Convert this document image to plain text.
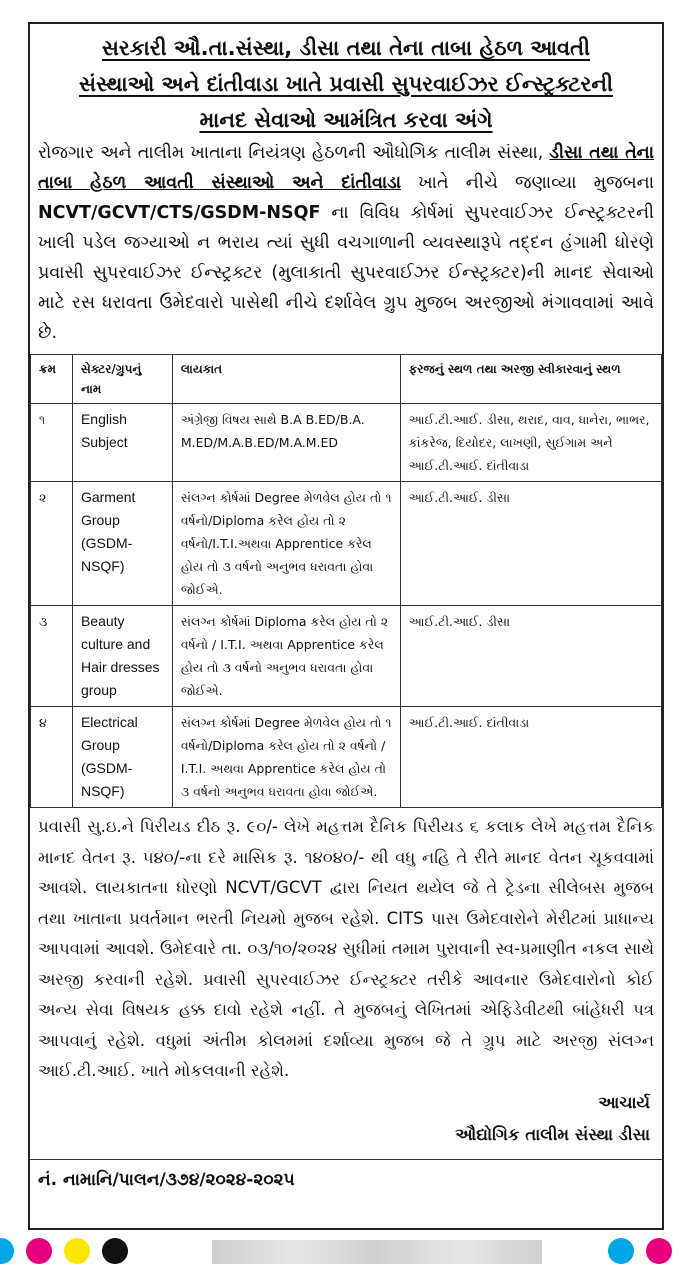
સરકારી ઔ.તા.સંસ્થા, ડીસા તથા તેના તાબા હેઠળ આવતી
સંસ્થાઓ અને દાંતીવાડા ખાતે પ્રવાસી સુપરવાઈઝર ઈન્સ્ટ્રક્ટરની
માનદ સેવાઓ આમંત્રિત કરવા અંગે
રોજગાર અને તાલીમ ખાતાના નિયંત્રણ હેઠળની ઔધોગિક તાલીમ સંસ્થા, ડીસા તથા તેના તાબા હેઠળ આવતી સંસ્થાઓ અને દાંતીવાડા ખાતે નીચે જણાવ્યા મુજબના NCVT/GCVT/CTS/GSDM-NSQF ના વિવિધ કોર્ષમાં સુપરવાઈઝર ઈન્સ્ટ્રક્ટરની ખાલી પડેલ જગ્યાઓ ન ભરાય ત્યાં સુધી વચગાળાની વ્યવસ્થારૂપે તદ્દન હંગામી ધોરણે પ્રવાસી સુપરવાઈઝર ઈન્સ્ટ્રક્ટર (મુલાકાતી સુપરવાઈઝર ઈન્સ્ટ્રક્ટર)ની માનદ સેવાઓ માટે રસ ધરાવતા ઉમેદવારો પાસેથી નીચે દર્શાવેલ ગ્રુપ મુજબ અરજીઓ મંગાવવામાં આવે છે.
ક્રમ	સેક્ટર/ગ્રુપનું નામ	લાયકાત	ફરજનું સ્થળ તથા અરજી સ્વીકારવાનું સ્થળ
૧	English Subject	અંગ્રેજી વિષય સાથે B.A B.ED/B.A. M.ED/M.A.B.ED/M.A.M.ED	આઈ.ટી.આઈ. ડીસા, થરાદ, વાવ, ધાનેરા, ભાભર, કાંકરેજ, દિયોદર, લાખણી, સુઈગામ અને આઈ.ટી.આઈ. દાંતીવાડા
૨	Garment Group (GSDM-NSQF)	સંલગ્ન કોર્ષમાં Degree મેળવેલ હોય તો ૧ વર્ષનો/Diploma કરેલ હોય તો ૨ વર્ષનો/I.T.I.અથવા Apprentice કરેલ હોય તો ૩ વર્ષનો અનુભવ ધરાવતા હોવા જોઈએ.	આઈ.ટી.આઈ. ડીસા
૩	Beauty culture and Hair dresses group	સંલગ્ન કોર્ષમાં Diploma કરેલ હોય તો ૨ વર્ષનો / I.T.I. અથવા Apprentice કરેલ હોય તો ૩ વર્ષનો અનુભવ ધરાવતા હોવા જોઈએ.	આઈ.ટી.આઈ. ડીસા
૪	Electrical Group (GSDM-NSQF)	સંલગ્ન કોર્ષમાં Degree મેળવેલ હોય તો ૧ વર્ષનો/Diploma કરેલ હોય તો ૨ વર્ષનો / I.T.I. અથવા Apprentice કરેલ હોય તો ૩ વર્ષનો અનુભવ ધરાવતા હોવા જોઈએ.	આઈ.ટી.આઈ. દાંતીવાડા
પ્રવાસી સુ.ઇ.ને પિરીયડ દીઠ રૂ. ૯૦/- લેખે મહત્તમ દૈનિક પિરીયડ ૬ કલાક લેખે મહત્તમ દૈનિક માનદ વેતન રૂ. ૫૪૦/-ના દરે માસિક રૂ. ૧૪૦૪૦/- થી વધુ નહિ તે રીતે માનદ વેતન ચૂકવવામાં આવશે. લાયકાતના ધોરણો NCVT/GCVT દ્વારા નિયત થયેલ જે તે ટ્રેડના સીલેબસ મુજબ તથા ખાતાના પ્રવર્તમાન ભરતી નિયમો મુજબ રહેશે. CITS પાસ ઉમેદવારોને મેરીટમાં પ્રાધાન્ય આપવામાં આવશે. ઉમેદવારે તા. ૦૩/૧૦/૨૦૨૪ સુધીમાં તમામ પુરાવાની સ્વ-પ્રમાણીત નકલ સાથે અરજી કરવાની રહેશે. પ્રવાસી સુપરવાઈઝર ઈન્સ્ટ્રક્ટર તરીકે આવનાર ઉમેદવારોનો કોઈ અન્ય સેવા વિષયક હક્ક દાવો રહેશે નહીં. તે મુજબનું લેખિતમાં એફિડેવીટથી બાંહેધરી પત્ર આપવાનું રહેશે. વધુમાં અંતીમ કોલમમાં દર્શાવ્યા મુજબ જે તે ગ્રુપ માટે અરજી સંલગ્ન આઈ.ટી.આઈ. ખાતે મોકલવાની રહેશે.
આચાર્ય
ઔદ્યોગિક તાલીમ સંસ્થા ડીસા
નં. નામાનિ/પાલન/૩૭૪/૨૦૨૪-૨૦૨૫
